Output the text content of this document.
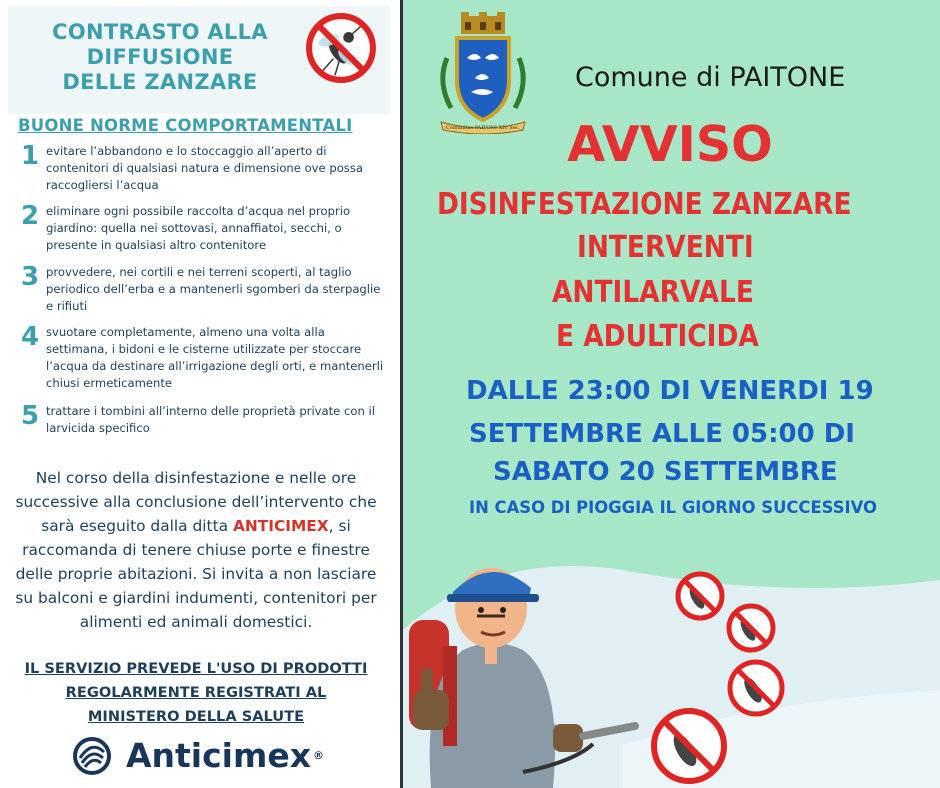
CONTRASTO ALLA
DIFFUSIONE
DELLE ZANZARE
BUONE NORME COMPORTAMENTALI
1 evitare l’abbandono e lo stoccaggio all’aperto di contenitori di qualsiasi natura e dimensione ove possa raccogliersi l’acqua
2 eliminare ogni possibile raccolta d’acqua nel proprio giardino: quella nei sottovasi, annaffiatoi, secchi, o presente in qualsiasi altro contenitore
3 provvedere, nei cortili e nei terreni scoperti, al taglio periodico dell’erba e a mantenerli sgomberi da sterpaglie e rifiuti
4 svuotare completamente, almeno una volta alla settimana, i bidoni e le cisterne utilizzate per stoccare l’acqua da destinare all’irrigazione degli orti, e mantenerli chiusi ermeticamente
5 trattare i tombini all’interno delle proprietà private con il larvicida specifico
Nel corso della disinfestazione e nelle ore successive alla conclusione dell’intervento che sarà eseguito dalla ditta ANTICIMEX, si raccomanda di tenere chiuse porte e finestre delle proprie abitazioni. Si invita a non lasciare su balconi e giardini indumenti, contenitori per alimenti ed animali domestici.
IL SERVIZIO PREVEDE L'USO DI PRODOTTI
REGOLARMENTE REGISTRATI AL
MINISTERO DELLA SALUTE
Anticimex ®
Comunitas PAITONI XIV Sec.
Comune di PAITONE
AVVISO
DISINFESTAZIONE ZANZARE
INTERVENTI
ANTILARVALE
E ADULTICIDA
DALLE 23:00 DI VENERDI 19
SETTEMBRE ALLE 05:00 DI
SABATO 20 SETTEMBRE
IN CASO DI PIOGGIA IL GIORNO SUCCESSIVO
